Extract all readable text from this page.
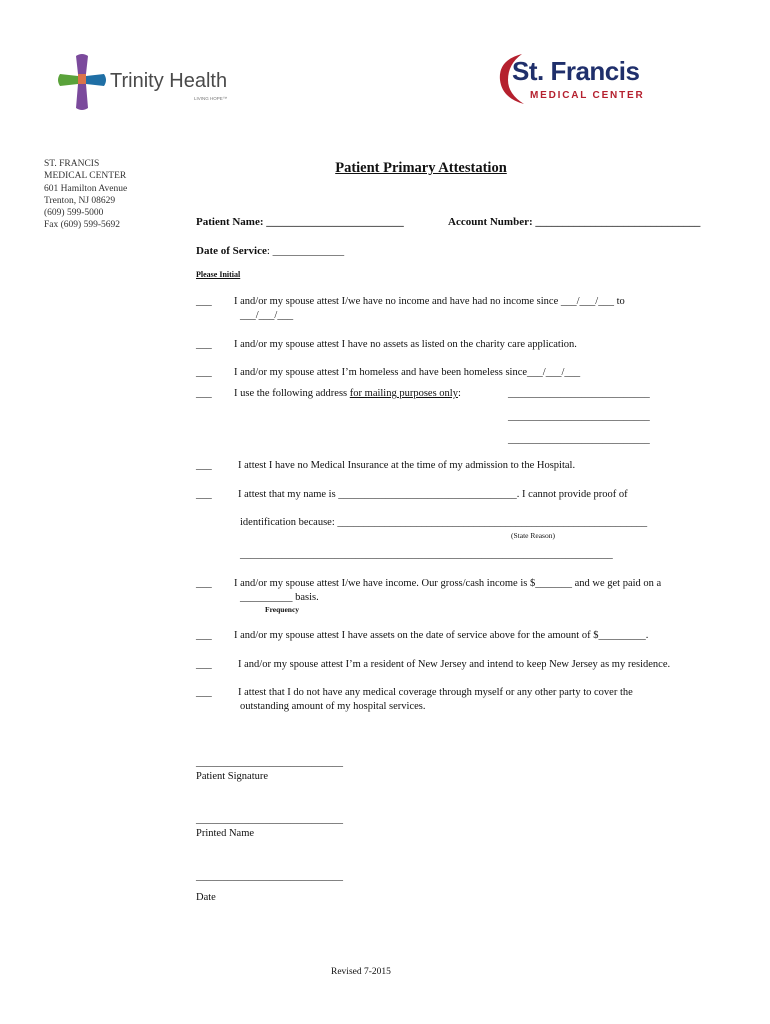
Trinity Health
LIVING HOPE™
St. Francis
MEDICAL CENTER
ST. FRANCIS
MEDICAL CENTER
601 Hamilton Avenue
Trenton, NJ 08629
(609) 599-5000
Fax (609) 599-5692
Patient Primary Attestation
Patient Name: _________________________	Account Number: ______________________________
Date of Service: _____________
Please Initial
___ I and/or my spouse attest I/we have no income and have had no income since ___/___/___ to
___/___/___
___ I and/or my spouse attest I have no assets as listed on the charity care application.
___ I and/or my spouse attest I’m homeless and have been homeless since___/___/___
___ I use the following address for mailing purposes only:	___________________________
___________________________
___________________________
___	I attest I have no Medical Insurance at the time of my admission to the Hospital.
___	I attest that my name is __________________________________. I cannot provide proof of
identification because: ___________________________________________________________
(State Reason)
_______________________________________________________________________
___ I and/or my spouse attest I/we have income. Our gross/cash income is $_______ and we get paid on a
__________ basis.
Frequency
___ I and/or my spouse attest I have assets on the date of service above for the amount of $_________.
___	I and/or my spouse attest I’m a resident of New Jersey and intend to keep New Jersey as my residence.
___	I attest that I do not have any medical coverage through myself or any other party to cover the
outstanding amount of my hospital services.
____________________________
Patient Signature
____________________________
Printed Name
____________________________
Date
Revised 7-2015
